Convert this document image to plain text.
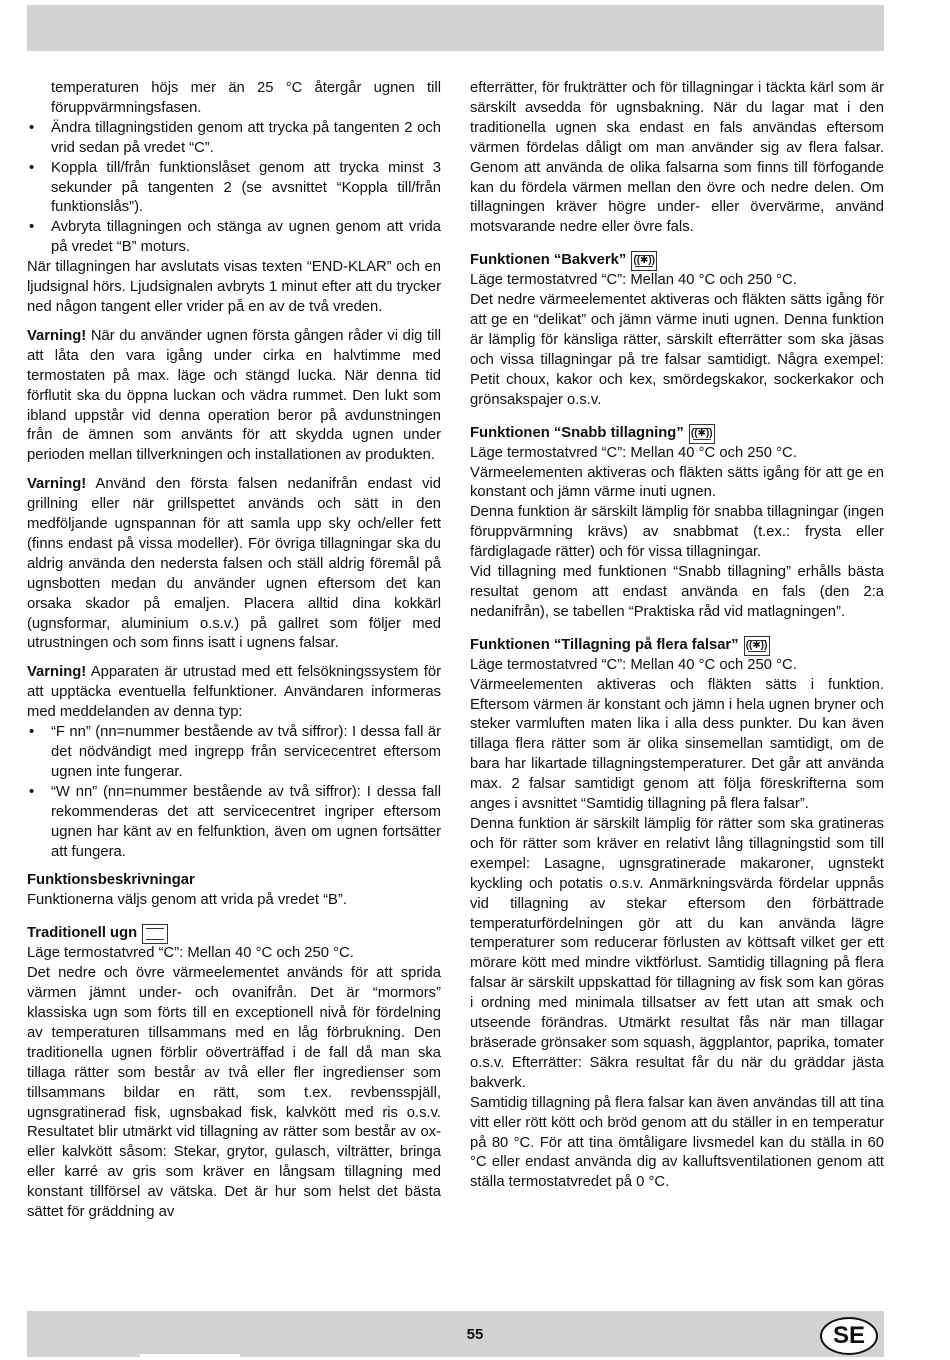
temperaturen höjs mer än 25 °C återgår ugnen till föruppvärmningsfasen.

• Ändra tillagningstiden genom att trycka på tangenten 2 och vrid sedan på vredet “C”.
• Koppla till/från funktionslåset genom att trycka minst 3 sekunder på tangenten 2 (se avsnittet “Koppla till/från funktionslås”).
• Avbryta tillagningen och stänga av ugnen genom att vrida på vredet “B” moturs.

När tillagningen har avslutats visas texten “END-KLAR” och en ljudsignal hörs. Ljudsignalen avbryts 1 minut efter att du trycker ned någon tangent eller vrider på en av de två vreden.

Varning! När du använder ugnen första gången råder vi dig till att låta den vara igång under cirka en halvtimme med termostaten på max. läge och stängd lucka. När denna tid förflutit ska du öppna luckan och vädra rummet. Den lukt som ibland uppstår vid denna operation beror på avdunstningen från de ämnen som använts för att skydda ugnen under perioden mellan tillverkningen och installationen av produkten.

Varning! Använd den första falsen nedanifrån endast vid grillning eller när grillspettet används och sätt in den medföljande ugnspannan för att samla upp sky och/eller fett (finns endast på vissa modeller). För övriga tillagningar ska du aldrig använda den nedersta falsen och ställ aldrig föremål på ugnsbotten medan du använder ugnen eftersom det kan orsaka skador på emaljen. Placera alltid dina kokkärl (ugnsformar, aluminium o.s.v.) på gallret som följer med utrustningen och som finns isatt i ugnens falsar.

Varning! Apparaten är utrustad med ett felsökningssystem för att upptäcka eventuella felfunktioner. Användaren informeras med meddelanden av denna typ:

• “F nn” (nn=nummer bestående av två siffror): I dessa fall är det nödvändigt med ingrepp från servicecentret eftersom ugnen inte fungerar.
• “W nn” (nn=nummer bestående av två siffror): I dessa fall rekommenderas det att servicecentret ingriper eftersom ugnen har känt av en felfunktion, även om ugnen fortsätter att fungera.

Funktionsbeskrivningar

Funktionerna väljs genom att vrida på vredet “B”.

Traditionell ugn

Läge termostatvred “C”: Mellan 40 °C och 250 °C.

Det nedre och övre värmeelementet används för att sprida värmen jämnt under- och ovanifrån. Det är “mormors” klassiska ugn som förts till en exceptionell nivå för fördelning av temperaturen tillsammans med en låg förbrukning. Den traditionella ugnen förblir oöverträffad i de fall då man ska tillaga rätter som består av två eller fler ingredienser som tillsammans bildar en rätt, som t.ex. revbensspjäll, ugnsgratinerad fisk, ugnsbakad fisk, kalvkött med ris o.s.v. Resultatet blir utmärkt vid tillagning av rätter som består av ox- eller kalvkött såsom: Stekar, grytor, gulasch, vilträtter, bringa eller karré av gris som kräver en långsam tillagning med konstant tillförsel av vätska. Det är hur som helst det bästa sättet för gräddning av

efterrätter, för frukträtter och för tillagningar i täckta kärl som är särskilt avsedda för ugnsbakning. När du lagar mat i den traditionella ugnen ska endast en fals användas eftersom värmen fördelas dåligt om man använder sig av flera falsar. Genom att använda de olika falsarna som finns till förfogande kan du fördela värmen mellan den övre och nedre delen. Om tillagningen kräver högre under- eller övervärme, använd motsvarande nedre eller övre fals.

Funktionen “Bakverk” ((✱))

Läge termostatvred “C”: Mellan 40 °C och 250 °C.

Det nedre värmeelementet aktiveras och fläkten sätts igång för att ge en “delikat” och jämn värme inuti ugnen. Denna funktion är lämplig för känsliga rätter, särskilt efterrätter som ska jäsas och vissa tillagningar på tre falsar samtidigt. Några exempel: Petit choux, kakor och kex, smördegskakor, sockerkakor och grönsakspajer o.s.v.

Funktionen “Snabb tillagning” ((✱))

Läge termostatvred “C”: Mellan 40 °C och 250 °C.

Värmeelementen aktiveras och fläkten sätts igång för att ge en konstant och jämn värme inuti ugnen.

Denna funktion är särskilt lämplig för snabba tillagningar (ingen föruppvärmning krävs) av snabbmat (t.ex.: frysta eller färdiglagade rätter) och för vissa tillagningar.

Vid tillagning med funktionen “Snabb tillagning” erhålls bästa resultat genom att endast använda en fals (den 2:a nedanifrån), se tabellen “Praktiska råd vid matlagningen”.

Funktionen “Tillagning på flera falsar” ((✱))

Läge termostatvred “C”: Mellan 40 °C och 250 °C.

Värmeelementen aktiveras och fläkten sätts i funktion. Eftersom värmen är konstant och jämn i hela ugnen bryner och steker varmluften maten lika i alla dess punkter. Du kan även tillaga flera rätter som är olika sinsemellan samtidigt, om de bara har likartade tillagningstemperaturer. Det går att använda max. 2 falsar samtidigt genom att följa föreskrifterna som anges i avsnittet “Samtidig tillagning på flera falsar”.

Denna funktion är särskilt lämplig för rätter som ska gratineras och för rätter som kräver en relativt lång tillagningstid som till exempel: Lasagne, ugnsgratinerade makaroner, ugnstekt kyckling och potatis o.s.v. Anmärkningsvärda fördelar uppnås vid tillagning av stekar eftersom den förbättrade temperaturfördelningen gör att du kan använda lägre temperaturer som reducerar förlusten av köttsaft vilket ger ett mörare kött med mindre viktförlust. Samtidig tillagning på flera falsar är särskilt uppskattad för tillagning av fisk som kan göras i ordning med minimala tillsatser av fett utan att smak och utseende förändras. Utmärkt resultat fås när man tillagar bräserade grönsaker som squash, äggplantor, paprika, tomater o.s.v. Efterrätter: Säkra resultat får du när du gräddar jästa bakverk.

Samtidig tillagning på flera falsar kan även användas till att tina vitt eller rött kött och bröd genom att du ställer in en temperatur på 80 °C. För att tina ömtåligare livsmedel kan du ställa in 60 °C eller endast använda dig av kalluftsventilationen genom att ställa termostatvredet på 0 °C.

55	SE
